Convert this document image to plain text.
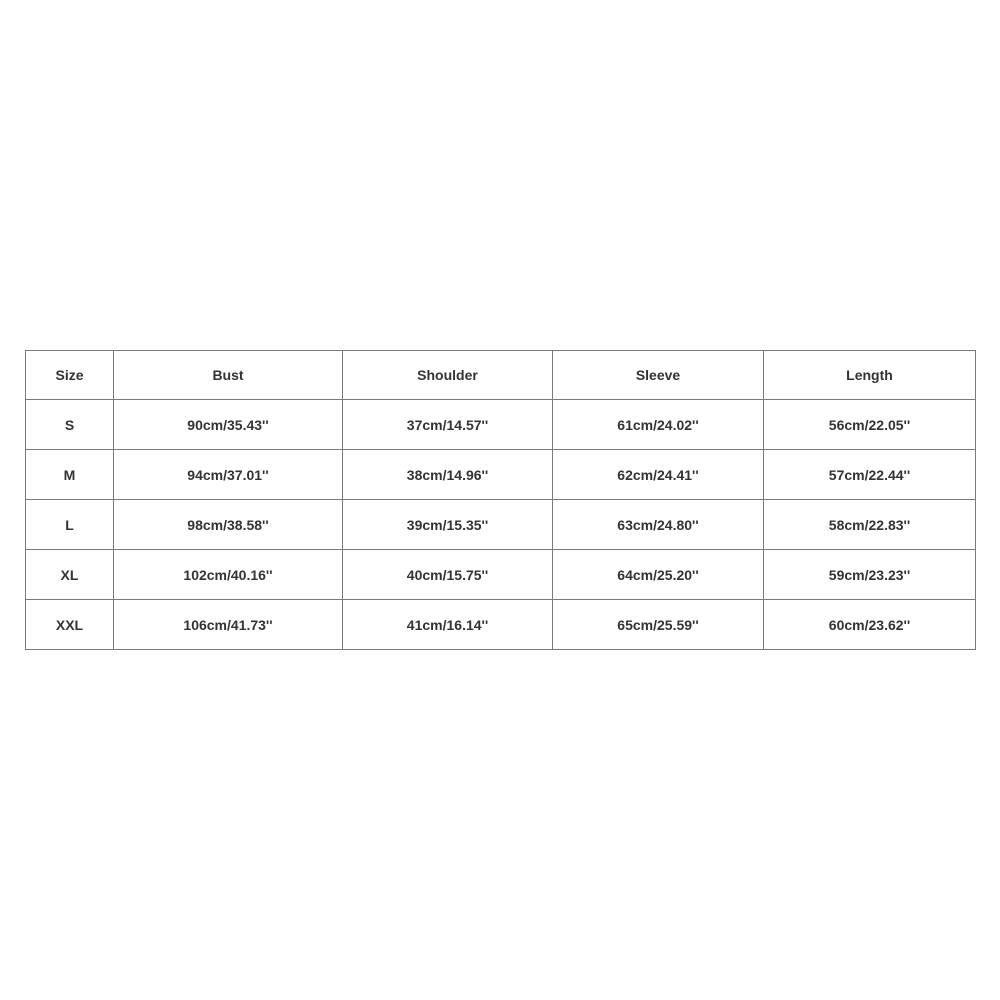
Size	Bust	Shoulder	Sleeve	Length
S	90cm/35.43''	37cm/14.57''	61cm/24.02''	56cm/22.05''
M	94cm/37.01''	38cm/14.96''	62cm/24.41''	57cm/22.44''
L	98cm/38.58''	39cm/15.35''	63cm/24.80''	58cm/22.83''
XL	102cm/40.16''	40cm/15.75''	64cm/25.20''	59cm/23.23''
XXL	106cm/41.73''	41cm/16.14''	65cm/25.59''	60cm/23.62''
